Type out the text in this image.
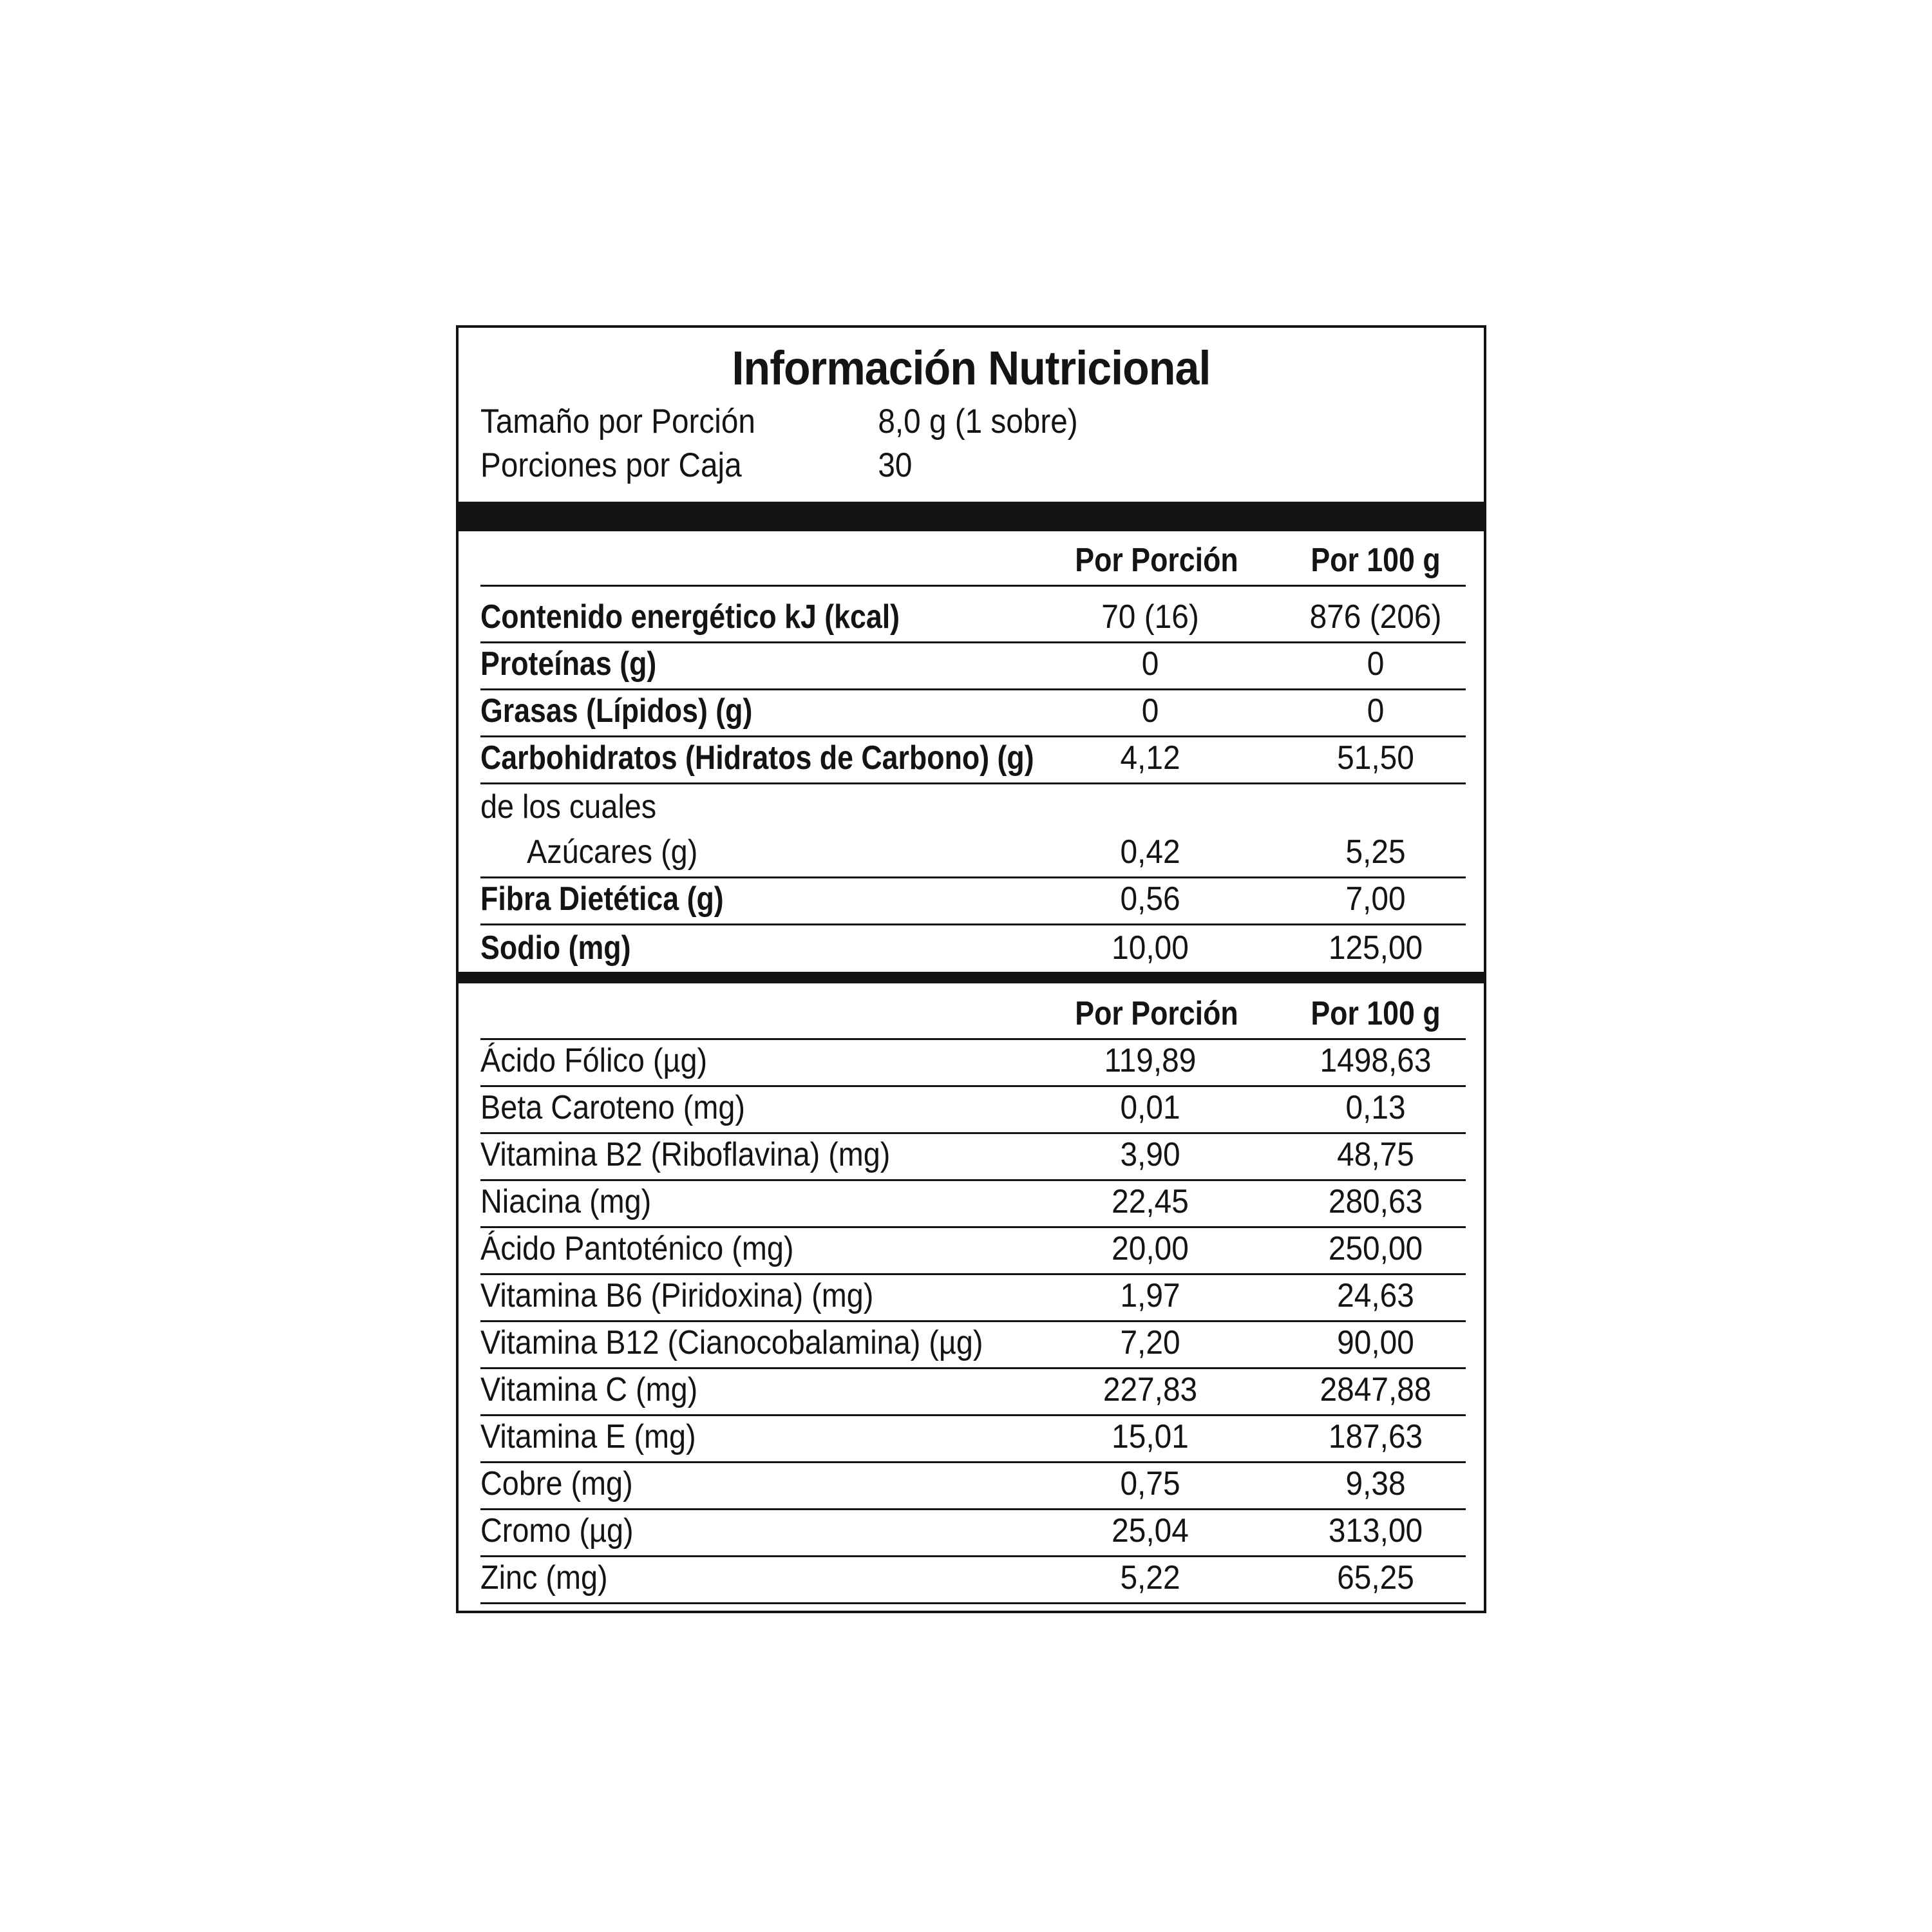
Información Nutricional
Tamaño por Porción	8,0 g (1 sobre)
Porciones por Caja	30
Por Porción	Por 100 g
Contenido energético kJ (kcal)	70 (16)	876 (206)
Proteínas (g)	0	0
Grasas (Lípidos) (g)	0	0
Carbohidratos (Hidratos de Carbono) (g)	4,12	51,50
de los cuales
Azúcares (g)	0,42	5,25
Fibra Dietética (g)	0,56	7,00
Sodio (mg)	10,00	125,00
Por Porción	Por 100 g
Ácido Fólico (µg)	119,89	1498,63
Beta Caroteno (mg)	0,01	0,13
Vitamina B2 (Riboflavina) (mg)	3,90	48,75
Niacina (mg)	22,45	280,63
Ácido Pantoténico (mg)	20,00	250,00
Vitamina B6 (Piridoxina) (mg)	1,97	24,63
Vitamina B12 (Cianocobalamina) (µg)	7,20	90,00
Vitamina C (mg)	227,83	2847,88
Vitamina E (mg)	15,01	187,63
Cobre (mg)	0,75	9,38
Cromo (µg)	25,04	313,00
Zinc (mg)	5,22	65,25
